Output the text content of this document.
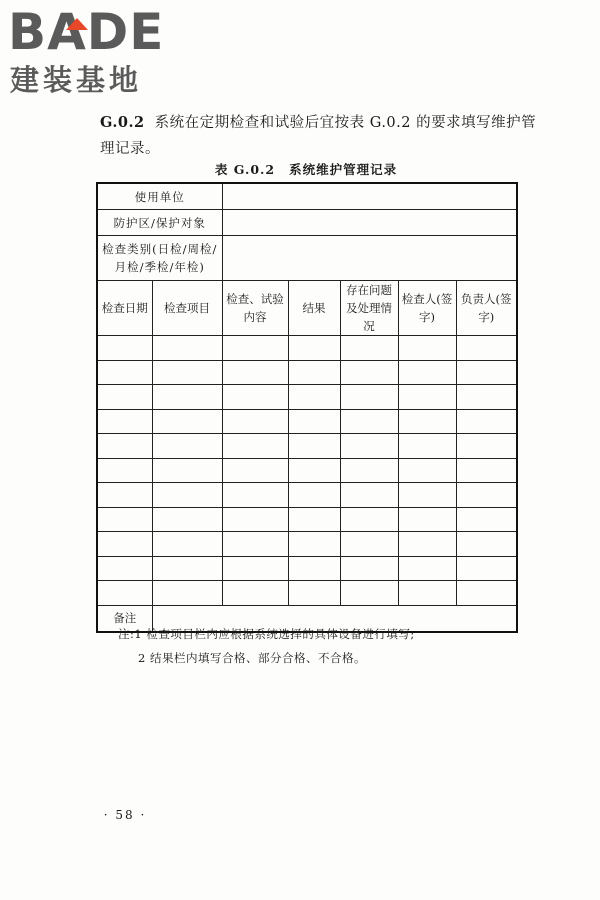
BADE
建装基地
G.0.2 系统在定期检查和试验后宜按表 G.0.2 的要求填写维护管理记录。
表 G.0.2 系统维护管理记录
使用单位						
防护区/保护对象						
检查类别(日检/周检/月检/季检/年检)						
检查日期	检查项目	检查、试验内容	结果	存在问题及处理情况	检查人(签字)	负责人(签字)

备注						
注:1 检查项目栏内应根据系统选择的具体设备进行填写;
2 结果栏内填写合格、部分合格、不合格。
· 58 ·
